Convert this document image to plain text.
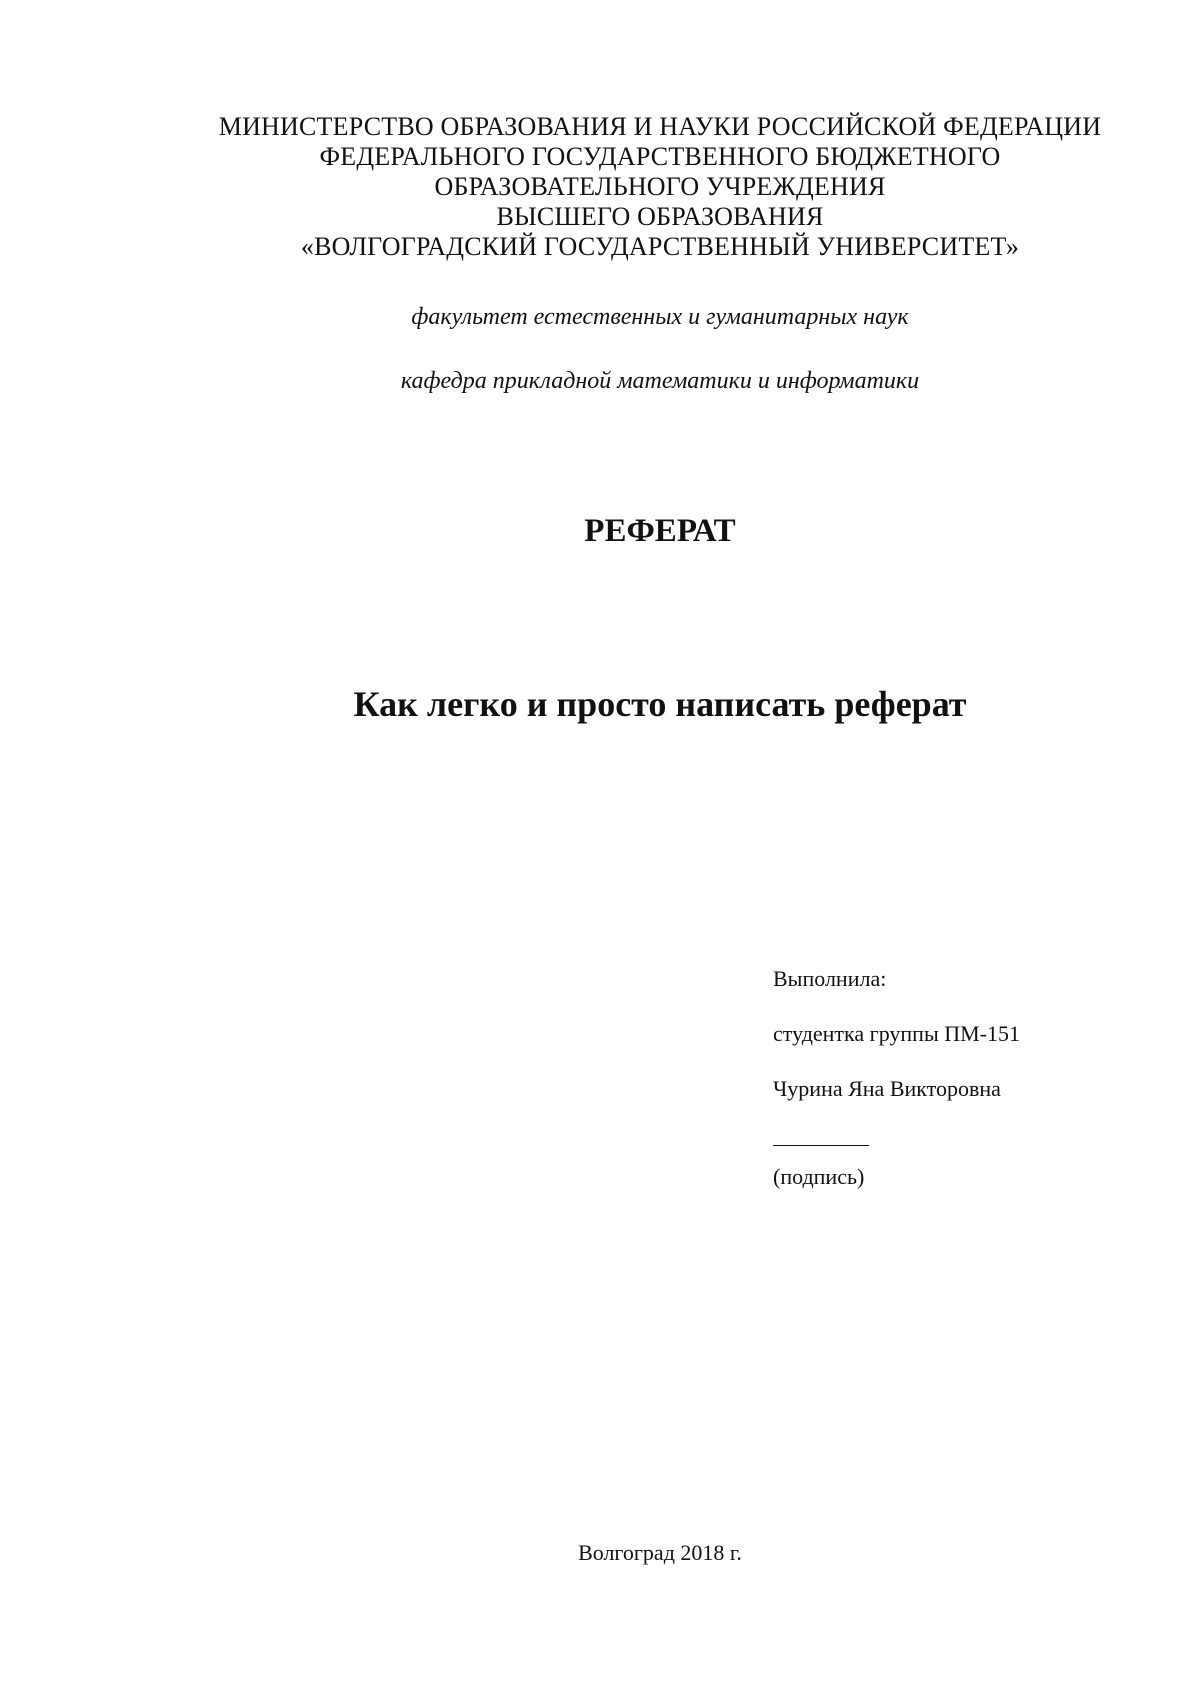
МИНИСТЕРСТВО ОБРАЗОВАНИЯ И НАУКИ РОССИЙСКОЙ ФЕДЕРАЦИИ
ФЕДЕРАЛЬНОГО ГОСУДАРСТВЕННОГО БЮДЖЕТНОГО
ОБРАЗОВАТЕЛЬНОГО УЧРЕЖДЕНИЯ
ВЫСШЕГО ОБРАЗОВАНИЯ
«ВОЛГОГРАДСКИЙ ГОСУДАРСТВЕННЫЙ УНИВЕРСИТЕТ»
факультет естественных и гуманитарных наук
кафедра прикладной математики и информатики
РЕФЕРАТ
Как легко и просто написать реферат
Выполнила:
студентка группы ПМ-151
Чурина Яна Викторовна
(подпись)
Волгоград 2018 г.
